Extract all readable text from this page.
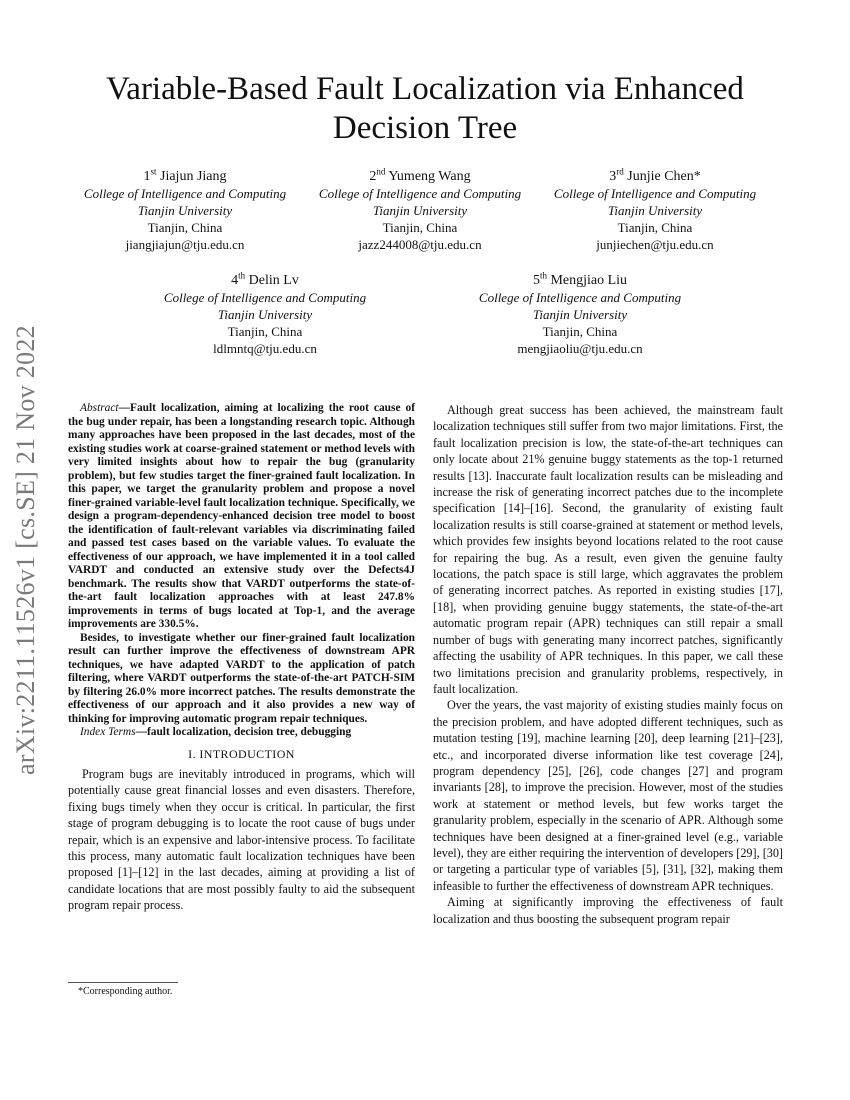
arXiv:2211.11526v1 [cs.SE] 21 Nov 2022
Variable-Based Fault Localization via Enhanced Decision Tree
1st Jiajun Jiang
College of Intelligence and Computing
Tianjin University
Tianjin, China
jiangjiajun@tju.edu.cn
2nd Yumeng Wang
College of Intelligence and Computing
Tianjin University
Tianjin, China
jazz244008@tju.edu.cn
3rd Junjie Chen*
College of Intelligence and Computing
Tianjin University
Tianjin, China
junjiechen@tju.edu.cn
4th Delin Lv
College of Intelligence and Computing
Tianjin University
Tianjin, China
ldlmntq@tju.edu.cn
5th Mengjiao Liu
College of Intelligence and Computing
Tianjin University
Tianjin, China
mengjiaoliu@tju.edu.cn

Abstract—Fault localization, aiming at localizing the root cause of the bug under repair, has been a longstanding research topic. Although many approaches have been proposed in the last decades, most of the existing studies work at coarse-grained statement or method levels with very limited insights about how to repair the bug (granularity problem), but few studies target the finer-grained fault localization. In this paper, we target the granularity problem and propose a novel finer-grained variable-level fault localization technique. Specifically, we design a program-dependency-enhanced decision tree model to boost the identification of fault-relevant variables via discriminating failed and passed test cases based on the variable values. To evaluate the effectiveness of our approach, we have implemented it in a tool called VARDT and conducted an extensive study over the Defects4J benchmark. The results show that VARDT outperforms the state-of-the-art fault localization approaches with at least 247.8% improvements in terms of bugs located at Top-1, and the average improvements are 330.5%.

Besides, to investigate whether our finer-grained fault localization result can further improve the effectiveness of downstream APR techniques, we have adapted VARDT to the application of patch filtering, where VARDT outperforms the state-of-the-art PATCH-SIM by filtering 26.0% more incorrect patches. The results demonstrate the effectiveness of our approach and it also provides a new way of thinking for improving automatic program repair techniques.

Index Terms—fault localization, decision tree, debugging

I. INTRODUCTION

Program bugs are inevitably introduced in programs, which will potentially cause great financial losses and even disasters. Therefore, fixing bugs timely when they occur is critical. In particular, the first stage of program debugging is to locate the root cause of bugs under repair, which is an expensive and labor-intensive process. To facilitate this process, many automatic fault localization techniques have been proposed [1]–[12] in the last decades, aiming at providing a list of candidate locations that are most possibly faulty to aid the subsequent program repair process.

*Corresponding author.

Although great success has been achieved, the mainstream fault localization techniques still suffer from two major limitations. First, the fault localization precision is low, the state-of-the-art techniques can only locate about 21% genuine buggy statements as the top-1 returned results [13]. Inaccurate fault localization results can be misleading and increase the risk of generating incorrect patches due to the incomplete specification [14]–[16]. Second, the granularity of existing fault localization results is still coarse-grained at statement or method levels, which provides few insights beyond locations related to the root cause for repairing the bug. As a result, even given the genuine faulty locations, the patch space is still large, which aggravates the problem of generating incorrect patches. As reported in existing studies [17], [18], when providing genuine buggy statements, the state-of-the-art automatic program repair (APR) techniques can still repair a small number of bugs with generating many incorrect patches, significantly affecting the usability of APR techniques. In this paper, we call these two limitations precision and granularity problems, respectively, in fault localization.

Over the years, the vast majority of existing studies mainly focus on the precision problem, and have adopted different techniques, such as mutation testing [19], machine learning [20], deep learning [21]–[23], etc., and incorporated diverse information like test coverage [24], program dependency [25], [26], code changes [27] and program invariants [28], to improve the precision. However, most of the studies work at statement or method levels, but few works target the granularity problem, especially in the scenario of APR. Although some techniques have been designed at a finer-grained level (e.g., variable level), they are either requiring the intervention of developers [29], [30] or targeting a particular type of variables [5], [31], [32], making them infeasible to further the effectiveness of downstream APR techniques.

Aiming at significantly improving the effectiveness of fault localization and thus boosting the subsequent program repair
